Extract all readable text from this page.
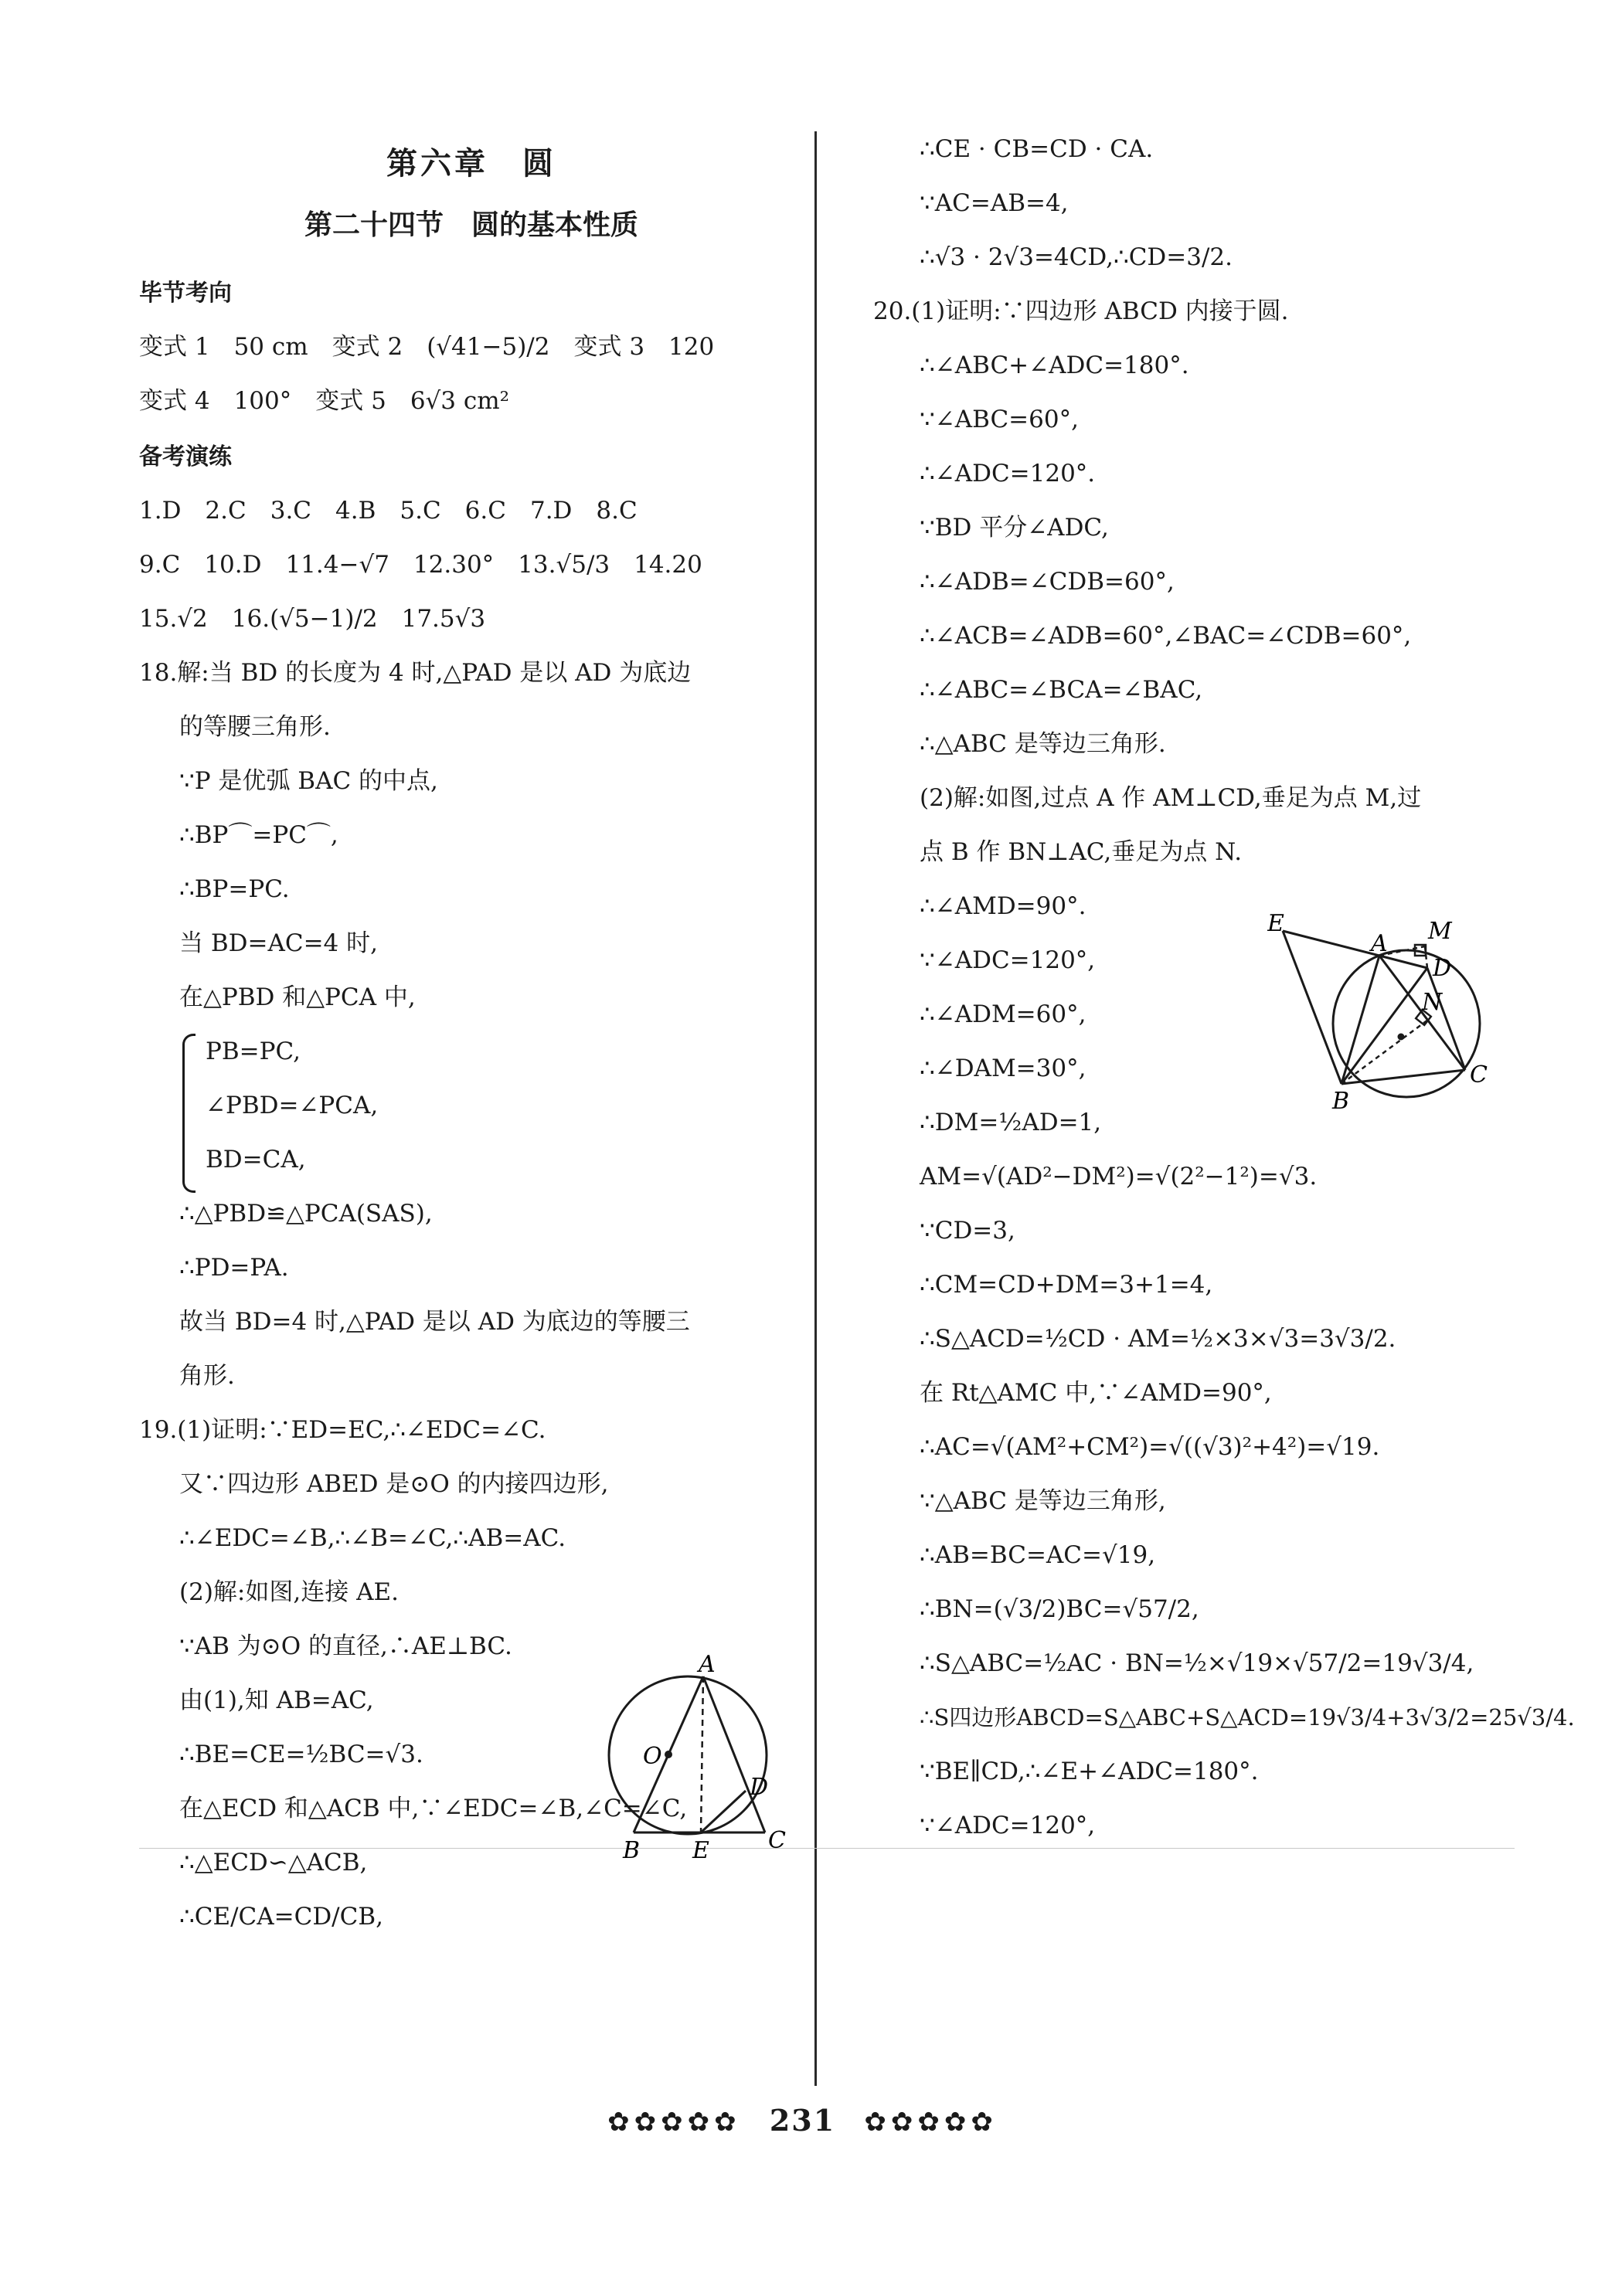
第六章　圆
第二十四节　圆的基本性质
毕节考向
变式 1　50 cm　变式 2　(√41−5)/2　变式 3　120
变式 4　100°　变式 5　6√3 cm²
备考演练
1.D　2.C　3.C　4.B　5.C　6.C　7.D　8.C
9.C　10.D　11.4−√7　12.30°　13.√5/3　14.20
15.√2　16.(√5−1)/2　17.5√3
18.解:当 BD 的长度为 4 时,△PAD 是以 AD 为底边
的等腰三角形.
∵P 是优弧 BAC 的中点,
∴BP⌒=PC⌒,
∴BP=PC.
当 BD=AC=4 时,
在△PBD 和△PCA 中,
PB=PC,
∠PBD=∠PCA,
BD=CA,
∴△PBD≌△PCA(SAS),
∴PD=PA.
故当 BD=4 时,△PAD 是以 AD 为底边的等腰三
角形.
19.(1)证明:∵ED=EC,∴∠EDC=∠C.
又∵四边形 ABED 是⊙O 的内接四边形,
∴∠EDC=∠B,∴∠B=∠C,∴AB=AC.
(2)解:如图,连接 AE.
∵AB 为⊙O 的直径,∴AE⊥BC.
由(1),知 AB=AC,
∴BE=CE=½BC=√3.
在△ECD 和△ACB 中,∵∠EDC=∠B,∠C=∠C,
∴△ECD∽△ACB,
∴CE/CA=CD/CB,
A
O
D
B E	C
∴CE · CB=CD · CA.
∵AC=AB=4,
∴√3 · 2√3=4CD,∴CD=3/2.
20.(1)证明:∵四边形 ABCD 内接于圆.
∴∠ABC+∠ADC=180°.
∵∠ABC=60°,
∴∠ADC=120°.
∵BD 平分∠ADC,
∴∠ADB=∠CDB=60°,
∴∠ACB=∠ADB=60°,∠BAC=∠CDB=60°,
∴∠ABC=∠BCA=∠BAC,
∴△ABC 是等边三角形.
(2)解:如图,过点 A 作 AM⊥CD,垂足为点 M,过
点 B 作 BN⊥AC,垂足为点 N.
∴∠AMD=90°.
∵∠ADC=120°,
∴∠ADM=60°,
∴∠DAM=30°,
∴DM=½AD=1,
AM=√(AD²−DM²)=√(2²−1²)=√3.
∵CD=3,
∴CM=CD+DM=3+1=4,
∴S△ACD=½CD · AM=½×3×√3=3√3/2.
在 Rt△AMC 中,∵∠AMD=90°,
∴AC=√(AM²+CM²)=√((√3)²+4²)=√19.
∵△ABC 是等边三角形,
∴AB=BC=AC=√19,
∴BN=(√3/2)BC=√57/2,
∴S△ABC=½AC · BN=½×√19×√57/2=19√3/4,
∴S四边形ABCD=S△ABC+S△ACD=19√3/4+3√3/2=25√3/4.
∵BE∥CD,∴∠E+∠ADC=180°.
∵∠ADC=120°,
E
A M
D
N
B
C
✿✿✿✿✿ 231 ✿✿✿✿✿
